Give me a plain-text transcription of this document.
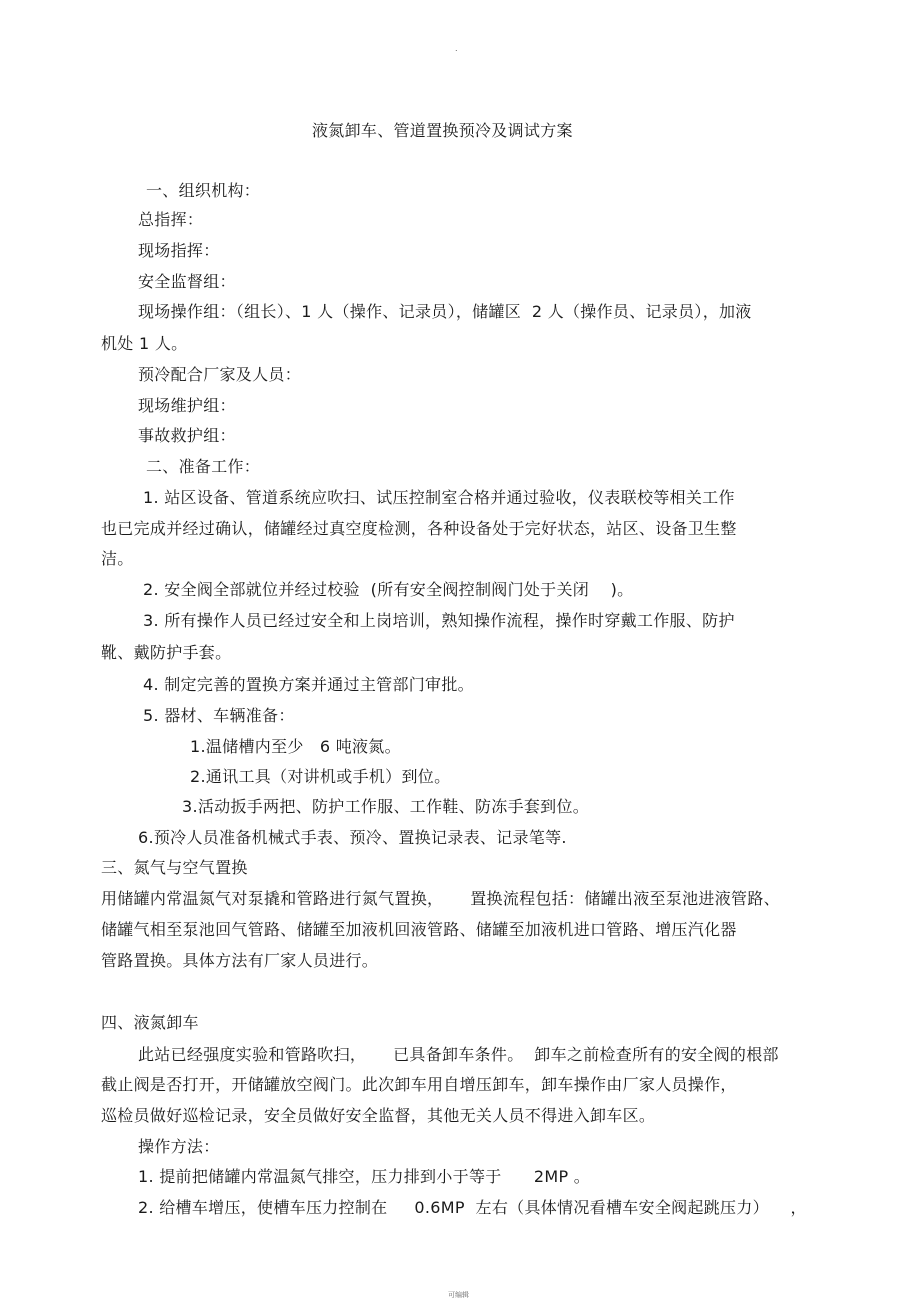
.
液氮卸车、管道置换预冷及调试方案
一、组织机构：
总指挥：
现场指挥：
安全监督组：
现场操作组：（组长）、1 人（操作、记录员），储罐区  2 人（操作员、记录员），加液
机处 1 人。
预冷配合厂家及人员：
现场维护组：
事故救护组：
二、准备工作：
1. 站区设备、管道系统应吹扫、试压控制室合格并通过验收，仪表联校等相关工作
也已完成并经过确认，储罐经过真空度检测，各种设备处于完好状态，站区、设备卫生整
洁。
2. 安全阀全部就位并经过校验  (所有安全阀控制阀门处于关闭    )。
3. 所有操作人员已经过安全和上岗培训，熟知操作流程，操作时穿戴工作服、防护
靴、戴防护手套。
4. 制定完善的置换方案并通过主管部门审批。
5. 器材、车辆准备：
1.温储槽内至少   6 吨液氮。
2.通讯工具（对讲机或手机）到位。
3.活动扳手两把、防护工作服、工作鞋、防冻手套到位。
6.预冷人员准备机械式手表、预冷、置换记录表、记录笔等.
三、氮气与空气置换
用储罐内常温氮气对泵撬和管路进行氮气置换，     置换流程包括：储罐出液至泵池进液管路、
储罐气相至泵池回气管路、储罐至加液机回液管路、储罐至加液机进口管路、增压汽化器
管路置换。具体方法有厂家人员进行。
四、液氮卸车
此站已经强度实验和管路吹扫，     已具备卸车条件。  卸车之前检查所有的安全阀的根部
截止阀是否打开，开储罐放空阀门。此次卸车用自增压卸车，卸车操作由厂家人员操作，
巡检员做好巡检记录，安全员做好安全监督，其他无关人员不得进入卸车区。
操作方法：
1. 提前把储罐内常温氮气排空，压力排到小于等于      2MP 。
2. 给槽车增压，使槽车压力控制在     0.6MP  左右（具体情况看槽车安全阀起跳压力）    ，
可编辑
